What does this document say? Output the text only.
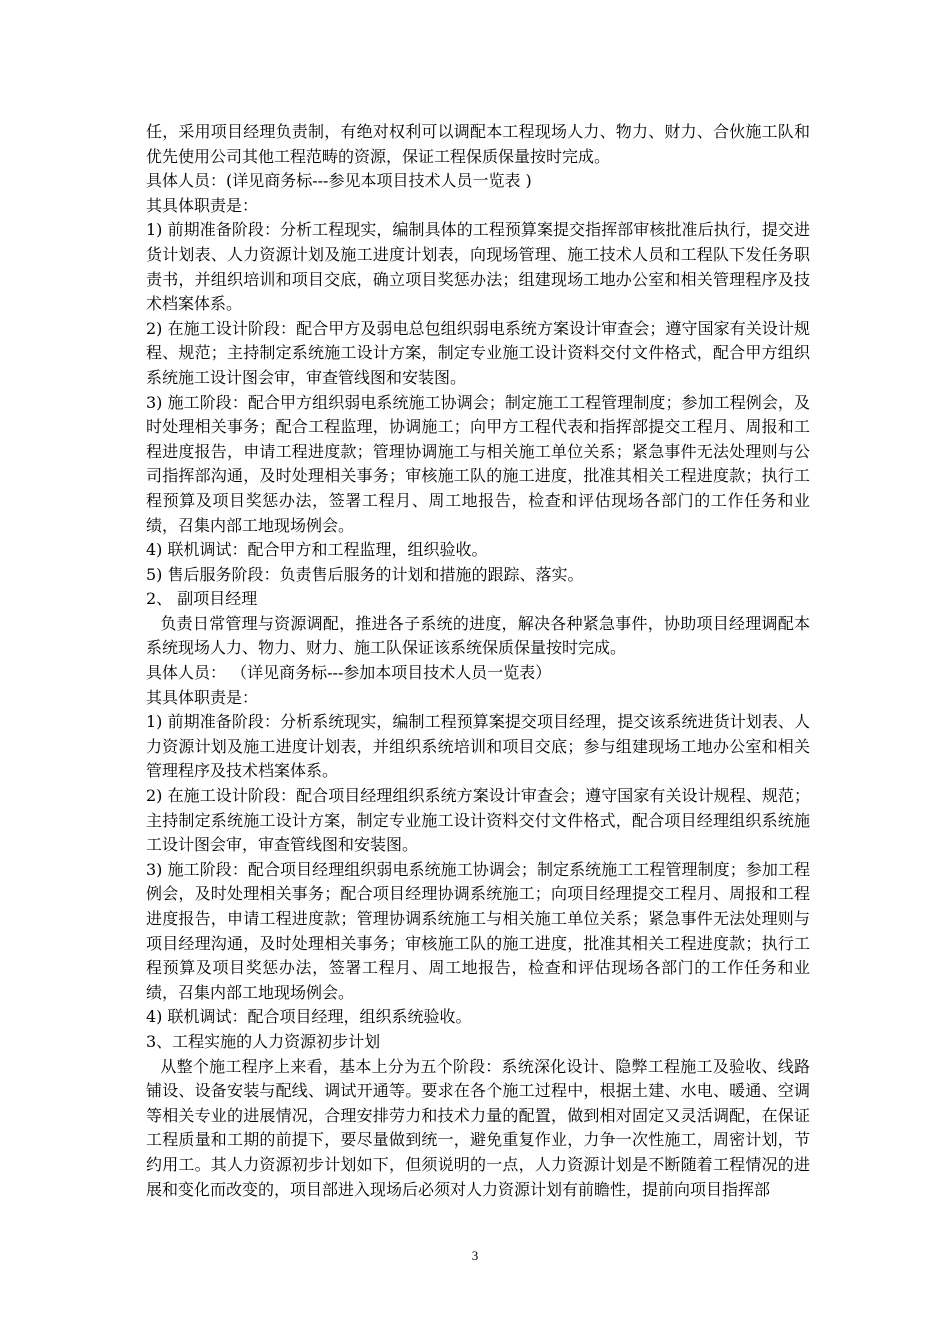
任，采用项目经理负责制，有绝对权利可以调配本工程现场人力、物力、财力、合伙施工队和优先使用公司其他工程范畴的资源，保证工程保质保量按时完成。

具体人员：(详见商务标---参见本项目技术人员一览表 )

其具体职责是：

1) 前期准备阶段：分析工程现实，编制具体的工程预算案提交指挥部审核批准后执行，提交进货计划表、人力资源计划及施工进度计划表，向现场管理、施工技术人员和工程队下发任务职责书，并组织培训和项目交底，确立项目奖惩办法；组建现场工地办公室和相关管理程序及技术档案体系。

2) 在施工设计阶段：配合甲方及弱电总包组织弱电系统方案设计审查会；遵守国家有关设计规程、规范；主持制定系统施工设计方案，制定专业施工设计资料交付文件格式，配合甲方组织系统施工设计图会审，审查管线图和安装图。

3) 施工阶段：配合甲方组织弱电系统施工协调会；制定施工工程管理制度；参加工程例会，及时处理相关事务；配合工程监理，协调施工；向甲方工程代表和指挥部提交工程月、周报和工程进度报告，申请工程进度款；管理协调施工与相关施工单位关系；紧急事件无法处理则与公司指挥部沟通，及时处理相关事务；审核施工队的施工进度，批准其相关工程进度款；执行工程预算及项目奖惩办法，签署工程月、周工地报告，检查和评估现场各部门的工作任务和业绩，召集内部工地现场例会。

4) 联机调试：配合甲方和工程监理，组织验收。

5) 售后服务阶段：负责售后服务的计划和措施的跟踪、落实。

2、 副项目经理

负责日常管理与资源调配，推进各子系统的进度，解决各种紧急事件，协助项目经理调配本系统现场人力、物力、财力、施工队保证该系统保质保量按时完成。

具体人员： （详见商务标---参加本项目技术人员一览表）

其具体职责是：

1) 前期准备阶段：分析系统现实，编制工程预算案提交项目经理，提交该系统进货计划表、人力资源计划及施工进度计划表，并组织系统培训和项目交底；参与组建现场工地办公室和相关管理程序及技术档案体系。

2) 在施工设计阶段：配合项目经理组织系统方案设计审查会；遵守国家有关设计规程、规范；主持制定系统施工设计方案，制定专业施工设计资料交付文件格式，配合项目经理组织系统施工设计图会审，审查管线图和安装图。

3) 施工阶段：配合项目经理组织弱电系统施工协调会；制定系统施工工程管理制度；参加工程例会，及时处理相关事务；配合项目经理协调系统施工；向项目经理提交工程月、周报和工程进度报告，申请工程进度款；管理协调系统施工与相关施工单位关系；紧急事件无法处理则与项目经理沟通，及时处理相关事务；审核施工队的施工进度，批准其相关工程进度款；执行工程预算及项目奖惩办法，签署工程月、周工地报告，检查和评估现场各部门的工作任务和业绩，召集内部工地现场例会。

4) 联机调试：配合项目经理，组织系统验收。

3、工程实施的人力资源初步计划

从整个施工程序上来看，基本上分为五个阶段：系统深化设计、隐弊工程施工及验收、线路铺设、设备安装与配线、调试开通等。要求在各个施工过程中，根据土建、水电、暖通、空调等相关专业的进展情况，合理安排劳力和技术力量的配置，做到相对固定又灵活调配，在保证工程质量和工期的前提下，要尽量做到统一，避免重复作业，力争一次性施工，周密计划，节约用工。其人力资源初步计划如下，但须说明的一点，人力资源计划是不断随着工程情况的进展和变化而改变的，项目部进入现场后必须对人力资源计划有前瞻性，提前向项目指挥部

3
